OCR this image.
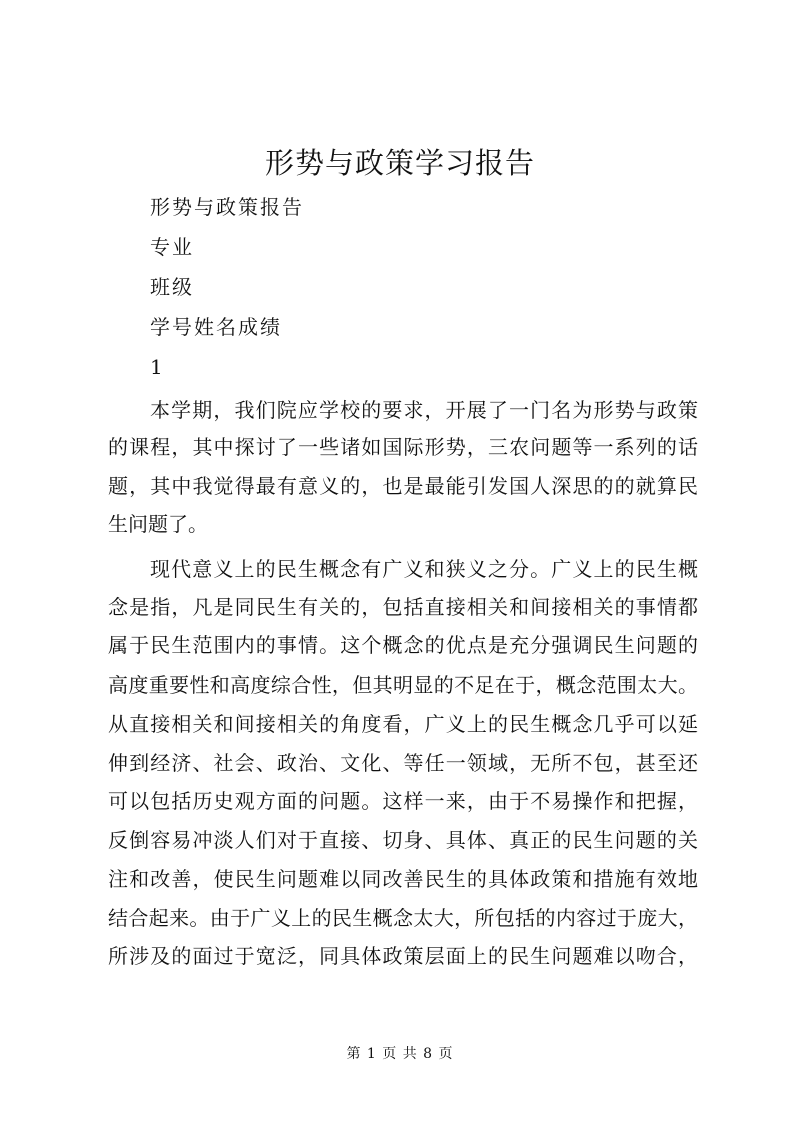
形势与政策学习报告

形势与政策报告

专业

班级

学号姓名成绩

1

本学期，我们院应学校的要求，开展了一门名为形势与政策

的课程，其中探讨了一些诸如国际形势，三农问题等一系列的话

题，其中我觉得最有意义的，也是最能引发国人深思的的就算民

生问题了。

现代意义上的民生概念有广义和狭义之分。广义上的民生概

念是指，凡是同民生有关的，包括直接相关和间接相关的事情都

属于民生范围内的事情。这个概念的优点是充分强调民生问题的

高度重要性和高度综合性，但其明显的不足在于，概念范围太大。

从直接相关和间接相关的角度看，广义上的民生概念几乎可以延

伸到经济、社会、政治、文化、等任一领域，无所不包，甚至还

可以包括历史观方面的问题。这样一来，由于不易操作和把握，

反倒容易冲淡人们对于直接、切身、具体、真正的民生问题的关

注和改善，使民生问题难以同改善民生的具体政策和措施有效地

结合起来。由于广义上的民生概念太大，所包括的内容过于庞大，

所涉及的面过于宽泛，同具体政策层面上的民生问题难以吻合，

第 1 页 共 8 页
